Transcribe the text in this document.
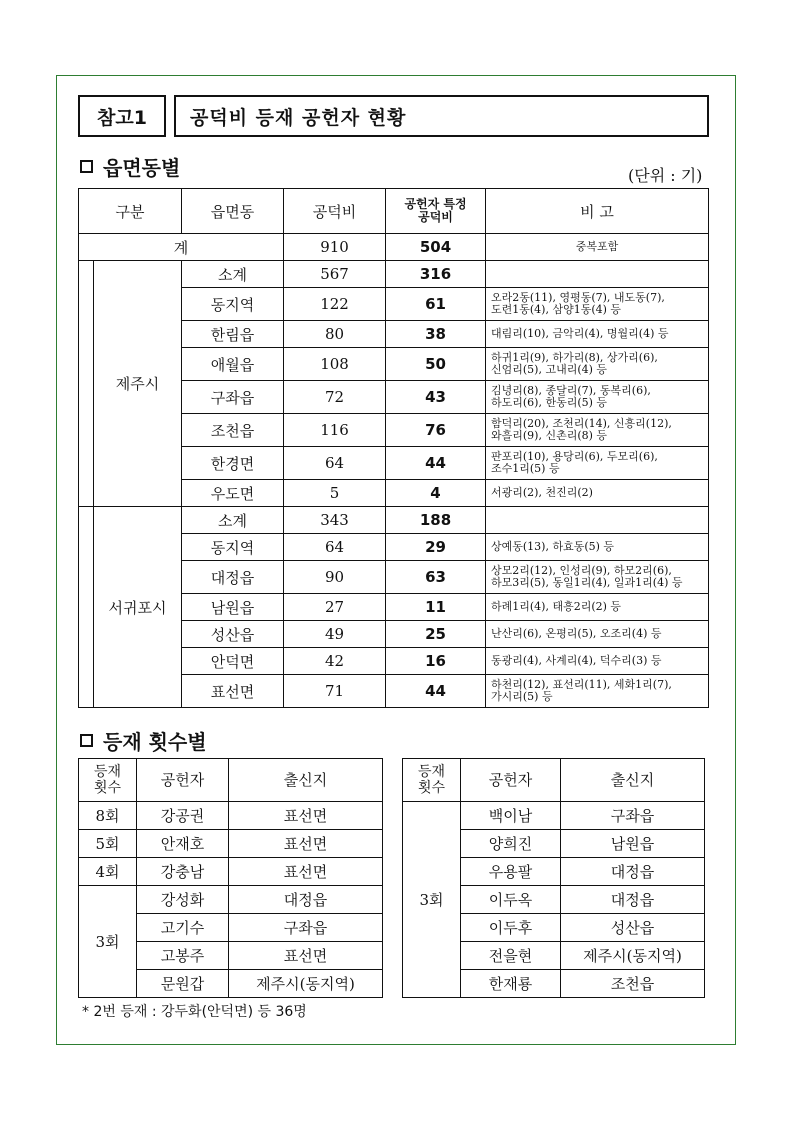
참고1	공덕비 등재 공헌자 현황
읍면동별	(단위 : 기)
구분		읍면동	공덕비	공헌자 특정
공덕비	비 고
계			910	504	중복포함
	제주시	소계	567	316	
		동지역	122	61	오라2동(11), 영평동(7), 내도동(7),
도련1동(4), 삼양1동(4) 등
		한림읍	80	38	대림리(10), 금악리(4), 명월리(4) 등
		애월읍	108	50	하귀1리(9), 하가리(8), 상가리(6),
신엄리(5), 고내리(4) 등
		구좌읍	72	43	김녕리(8), 종달리(7), 동복리(6),
하도리(6), 한동리(5) 등
		조천읍	116	76	함덕리(20), 조천리(14), 신흥리(12),
와흘리(9), 신촌리(8) 등
		한경면	64	44	판포리(10), 용당리(6), 두모리(6),
조수1리(5) 등
		우도면	5	4	서광리(2), 천진리(2)
	서귀포시	소계	343	188	
		동지역	64	29	상예동(13), 하효동(5) 등
		대정읍	90	63	상모2리(12), 인성리(9), 하모2리(6),
하모3리(5), 동일1리(4), 일과1리(4) 등
		남원읍	27	11	하례1리(4), 태흥2리(2) 등
		성산읍	49	25	난산리(6), 온평리(5), 오조리(4) 등
		안덕면	42	16	동광리(4), 사계리(4), 덕수리(3) 등
		표선면	71	44	하천리(12), 표선리(11), 세화1리(7),
가시리(5) 등
등재 횟수별
등재
횟수	공헌자	출신지
8회	강공권	표선면
5회	안재호	표선면
4회	강충남	표선면
3회	강성화	대정읍
	고기수	구좌읍
	고봉주	표선면
	문원갑	제주시(동지역)
등재
횟수	공헌자	출신지
3회	백이남	구좌읍
	양희진	남원읍
	우용팔	대정읍
	이두옥	대정읍
	이두후	성산읍
	전을현	제주시(동지역)
	한재룡	조천읍
* 2번 등재 : 강두화(안덕면) 등 36명
